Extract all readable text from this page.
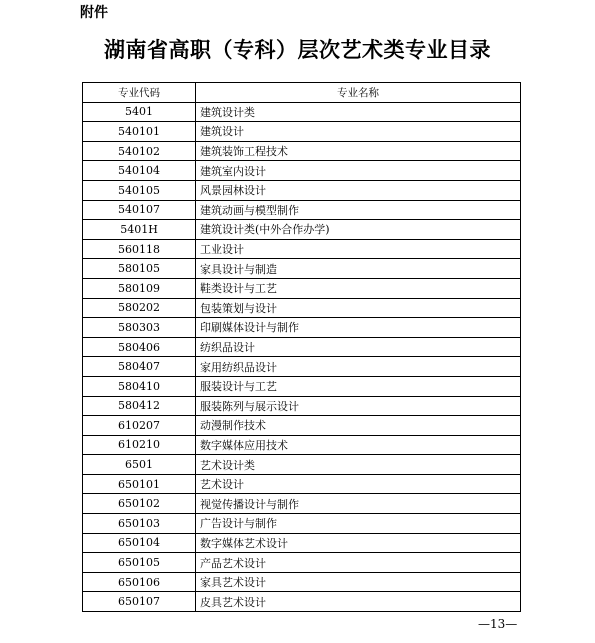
附件
湖南省高职（专科）层次艺术类专业目录
专业代码	专业名称
5401	建筑设计类
540101	建筑设计
540102	建筑装饰工程技术
540104	建筑室内设计
540105	风景园林设计
540107	建筑动画与模型制作
5401H	建筑设计类(中外合作办学)
560118	工业设计
580105	家具设计与制造
580109	鞋类设计与工艺
580202	包装策划与设计
580303	印刷媒体设计与制作
580406	纺织品设计
580407	家用纺织品设计
580410	服装设计与工艺
580412	服装陈列与展示设计
610207	动漫制作技术
610210	数字媒体应用技术
6501	艺术设计类
650101	艺术设计
650102	视觉传播设计与制作
650103	广告设计与制作
650104	数字媒体艺术设计
650105	产品艺术设计
650106	家具艺术设计
650107	皮具艺术设计
—13—
